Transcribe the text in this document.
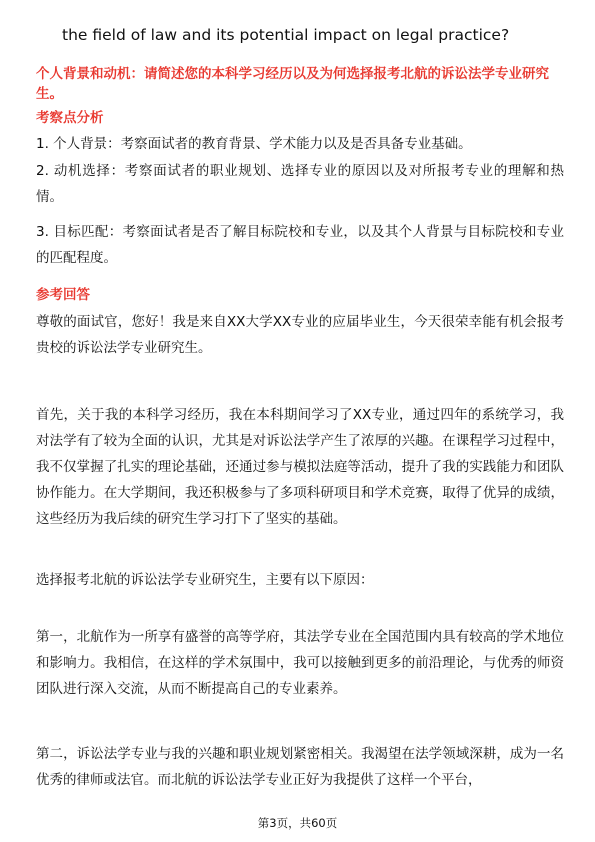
the field of law and its potential impact on legal practice?
个人背景和动机：请简述您的本科学习经历以及为何选择报考北航的诉讼法学专业研究生。
考察点分析
1. 个人背景：考察面试者的教育背景、学术能力以及是否具备专业基础。
2. 动机选择：考察面试者的职业规划、选择专业的原因以及对所报考专业的理解和热情。
3. 目标匹配：考察面试者是否了解目标院校和专业，以及其个人背景与目标院校和专业的匹配程度。
参考回答
尊敬的面试官，您好！我是来自XX大学XX专业的应届毕业生，今天很荣幸能有机会报考贵校的诉讼法学专业研究生。
首先，关于我的本科学习经历，我在本科期间学习了XX专业，通过四年的系统学习，我对法学有了较为全面的认识，尤其是对诉讼法学产生了浓厚的兴趣。在课程学习过程中，我不仅掌握了扎实的理论基础，还通过参与模拟法庭等活动，提升了我的实践能力和团队协作能力。在大学期间，我还积极参与了多项科研项目和学术竞赛，取得了优异的成绩，这些经历为我后续的研究生学习打下了坚实的基础。
选择报考北航的诉讼法学专业研究生，主要有以下原因：
第一，北航作为一所享有盛誉的高等学府，其法学专业在全国范围内具有较高的学术地位和影响力。我相信，在这样的学术氛围中，我可以接触到更多的前沿理论，与优秀的师资团队进行深入交流，从而不断提高自己的专业素养。
第二，诉讼法学专业与我的兴趣和职业规划紧密相关。我渴望在法学领域深耕，成为一名优秀的律师或法官。而北航的诉讼法学专业正好为我提供了这样一个平台，
第3页，共60页
